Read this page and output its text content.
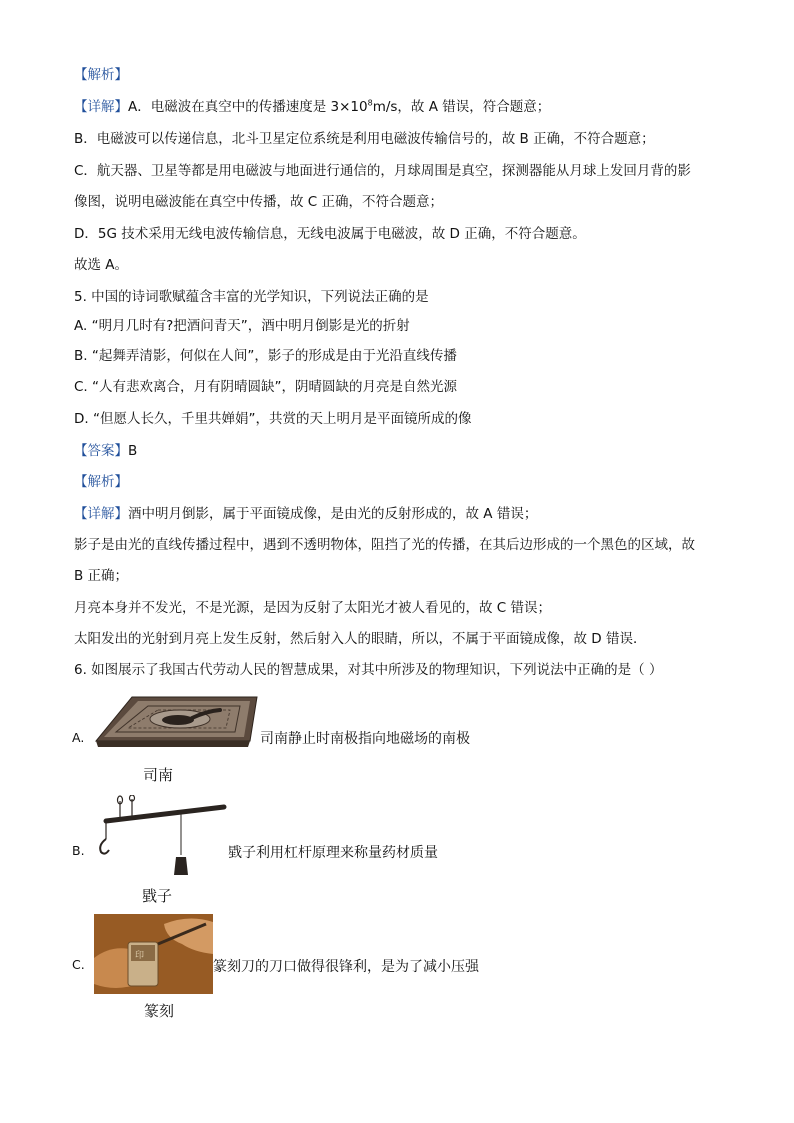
【解析】
【详解】A．电磁波在真空中的传播速度是 $3\times 10^8m/s$，故 A 错误，符合题意；
B．电磁波可以传递信息，北斗卫星定位系统是利用电磁波传输信号的，故 B 正确，不符合题意；
C．航天器、卫星等都是用电磁波与地面进行通信的，月球周围是真空，探测器能从月球上发回月背的影
像图，说明电磁波能在真空中传播，故 C 正确，不符合题意；
D．5G 技术采用无线电波传输信息，无线电波属于电磁波，故 D 正确，不符合题意。
故选 A。
5. 中国的诗词歌赋蕴含丰富的光学知识，下列说法正确的是
A. “明月几时有?把酒问青天”，酒中明月倒影是光的折射
B. “起舞弄清影，何似在人间”，影子的形成是由于光沿直线传播
C. “人有悲欢离合，月有阴晴圆缺”，阴晴圆缺的月亮是自然光源
D. “但愿人长久，千里共婵娟”，共赏的天上明月是平面镜所成的像
【答案】B
【解析】
【详解】酒中明月倒影，属于平面镜成像，是由光的反射形成的，故 A 错误；
影子是由光的直线传播过程中，遇到不透明物体，阻挡了光的传播，在其后边形成的一个黑色的区域，故
B 正确；
月亮本身并不发光，不是光源，是因为反射了太阳光才被人看见的，故 C 错误；
太阳发出的光射到月亮上发生反射，然后射入人的眼睛，所以，不属于平面镜成像，故 D 错误．
6. 如图展示了我国古代劳动人民的智慧成果，对其中所涉及的物理知识，下列说法中正确的是（ ）
A.
司南
司南静止时南极指向地磁场的南极
B.
戥子
戥子利用杠杆原理来称量药材质量
C.
印
篆刻
篆刻刀的刀口做得很锋利，是为了减小压强
